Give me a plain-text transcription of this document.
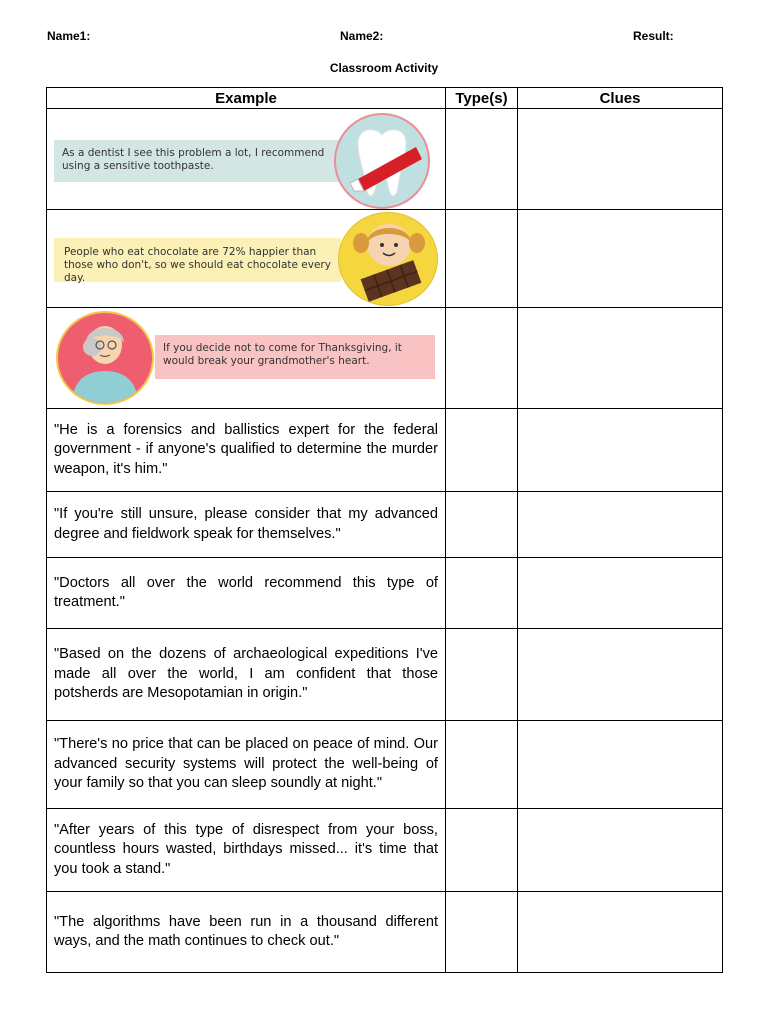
Name1:	Name2:	Result:
Classroom Activity
Example	Type(s)	Clues

As a dentist I see this problem a lot, I recommend using a sensitive toothpaste.		

People who eat chocolate are 72% happier than those who don't, so we should eat chocolate every day.		

If you decide not to come for Thanksgiving, it would break your grandmother's heart.		

"He is a forensics and ballistics expert for the federal government - if anyone's qualified to determine the murder weapon, it's him."		
"If you're still unsure, please consider that my advanced degree and fieldwork speak for themselves."		
"Doctors all over the world recommend this type of treatment."		
"Based on the dozens of archaeological expeditions I've made all over the world, I am confident that those potsherds are Mesopotamian in origin."		
"There's no price that can be placed on peace of mind. Our advanced security systems will protect the well-being of your family so that you can sleep soundly at night."		
"After years of this type of disrespect from your boss, countless hours wasted, birthdays missed... it's time that you took a stand."		
"The algorithms have been run in a thousand different ways, and the math continues to check out."		
